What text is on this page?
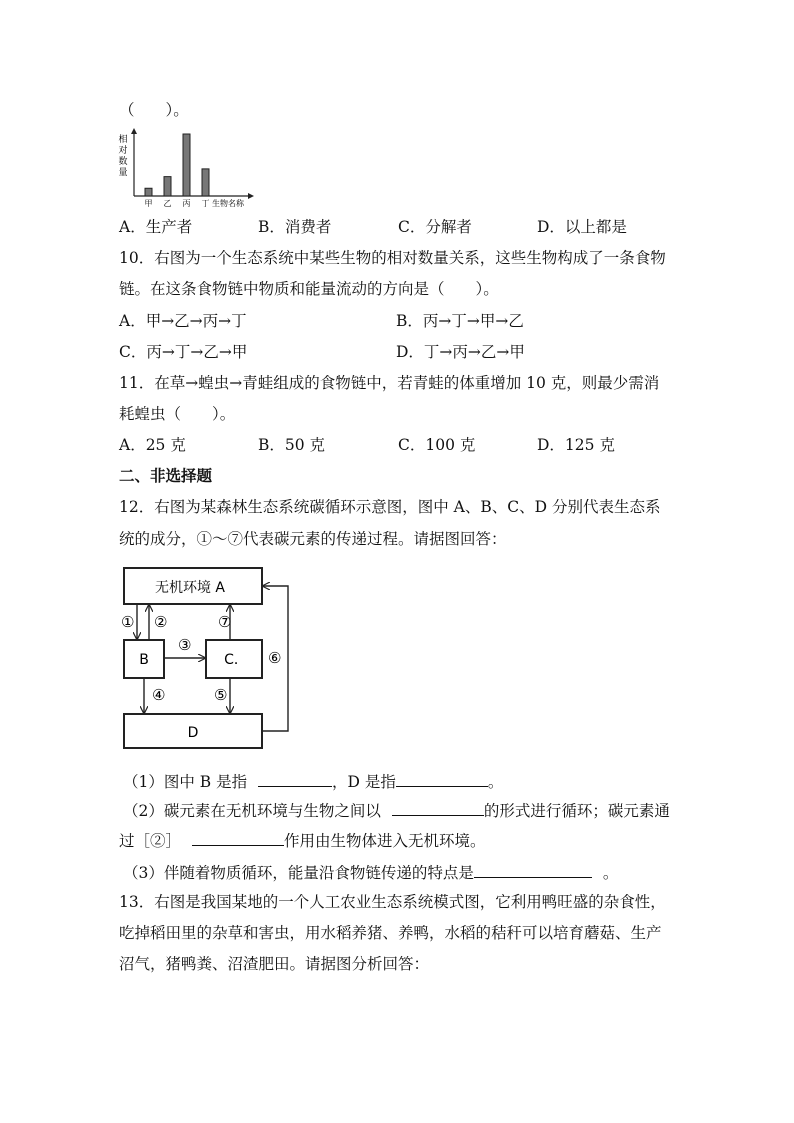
（　　）。
相
对
数
量
甲 乙 丙 丁 生物名称
A．生产者	B．消费者	C．分解者	D．以上都是
10．右图为一个生态系统中某些生物的相对数量关系，这些生物构成了一条食物
链。在这条食物链中物质和能量流动的方向是（　　）。
A．甲→乙→丙→丁	B．丙→丁→甲→乙
C．丙→丁→乙→甲	D．丁→丙→乙→甲
11．在草→蝗虫→青蛙组成的食物链中，若青蛙的体重增加 10 克，则最少需消
耗蝗虫（　　）。
A．25 克	B．50 克	C．100 克	D．125 克
二、非选择题
12．右图为某森林生态系统碳循环示意图，图中 A、B、C、D 分别代表生态系
统的成分，①～⑦代表碳元素的传递过程。请据图回答：
无机环境 A
B	C．
D
① ②
③
⑦
④	⑤
⑥
（1）图中 B 是指	，D 是指	。
（2）碳元素在无机环境与生物之间以	的形式进行循环；碳元素通
过［②］	作用由生物体进入无机环境。
（3）伴随着物质循环，能量沿食物链传递的特点是	。
13．右图是我国某地的一个人工农业生态系统模式图，它利用鸭旺盛的杂食性，
吃掉稻田里的杂草和害虫，用水稻养猪、养鸭，水稻的秸秆可以培育蘑菇、生产
沼气，猪鸭粪、沼渣肥田。请据图分析回答：
